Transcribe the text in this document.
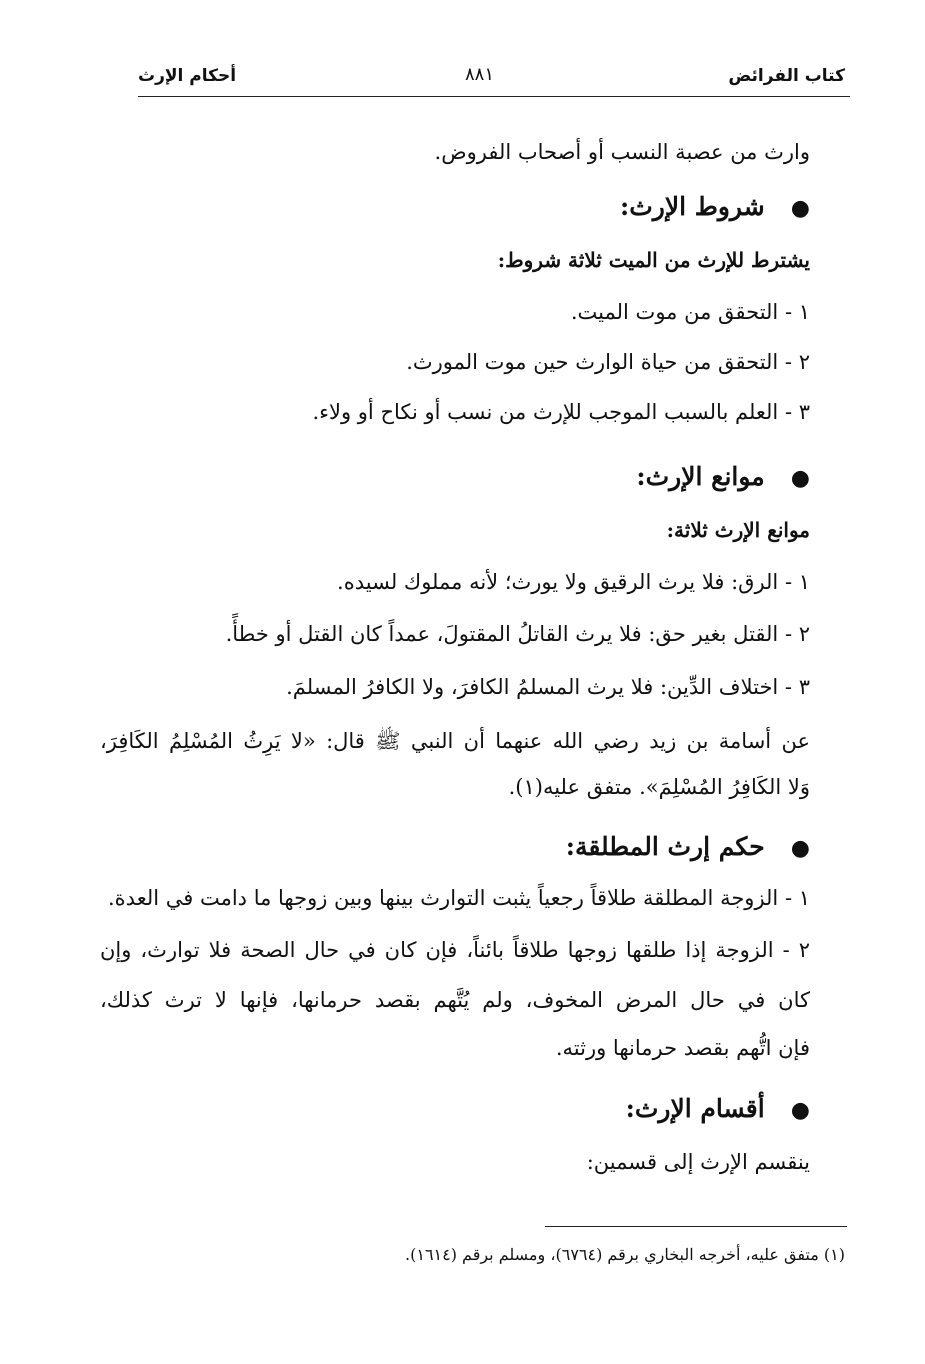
كتاب الفرائض
٨٨١
أحكام الإرث
وارث من عصبة النسب أو أصحاب الفروض.
●   شروط الإرث:
يشترط للإرث من الميت ثلاثة شروط:
١ - التحقق من موت الميت.
٢ - التحقق من حياة الوارث حين موت المورث.
٣ - العلم بالسبب الموجب للإرث من نسب أو نكاح أو ولاء.
●   موانع الإرث:
موانع الإرث ثلاثة:
١ - الرق: فلا يرث الرقيق ولا يورث؛ لأنه مملوك لسيده.
٢ - القتل بغير حق: فلا يرث القاتلُ المقتولَ، عمداً كان القتل أو خطأً.
٣ - اختلاف الدِّين: فلا يرث المسلمُ الكافرَ، ولا الكافرُ المسلمَ.
عن أسامة بن زيد رضي الله عنهما أن النبي ﷺ قال: «لا يَرِثُ المُسْلِمُ الكَافِرَ،
وَلا الكَافِرُ المُسْلِمَ». متفق عليه(١).
●   حكم إرث المطلقة:
١ - الزوجة المطلقة طلاقاً رجعياً يثبت التوارث بينها وبين زوجها ما دامت في العدة.
٢ - الزوجة إذا طلقها زوجها طلاقاً بائناً، فإن كان في حال الصحة فلا توارث، وإن
كان في حال المرض المخوف، ولم يُتَّهم بقصد حرمانها، فإنها لا ترث كذلك،
فإن اتُّهم بقصد حرمانها ورثته.
●   أقسام الإرث:
ينقسم الإرث إلى قسمين:
(١) متفق عليه، أخرجه البخاري برقم (٦٧٦٤)، ومسلم برقم (١٦١٤).
